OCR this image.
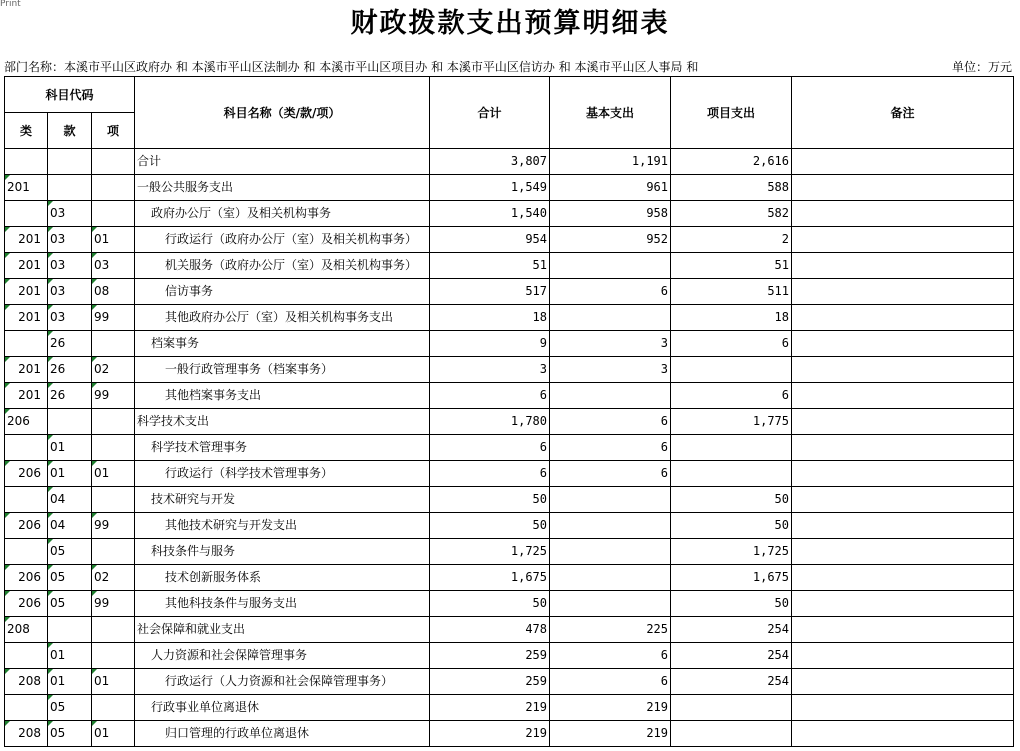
Print
财政拨款支出预算明细表
部门名称：本溪市平山区政府办 和 本溪市平山区法制办 和 本溪市平山区项目办 和 本溪市平山区信访办 和 本溪市平山区人事局 和	单位：万元
科目代码			科目名称（类/款/项）	合计	基本支出	项目支出	备注
类	款	项					
			合计	3,807	1,191	2,616	
201			一般公共服务支出	1,549	961	588	
	03		政府办公厅（室）及相关机构事务	1,540	958	582	
201	03	01	行政运行（政府办公厅（室）及相关机构事务）	954	952	2	
201	03	03	机关服务（政府办公厅（室）及相关机构事务）	51		51	
201	03	08	信访事务	517	6	511	
201	03	99	其他政府办公厅（室）及相关机构事务支出	18		18	
	26		档案事务	9	3	6	
201	26	02	一般行政管理事务（档案事务）	3	3		
201	26	99	其他档案事务支出	6		6	
206			科学技术支出	1,780	6	1,775	
	01		科学技术管理事务	6	6		
206	01	01	行政运行（科学技术管理事务）	6	6		
	04		技术研究与开发	50		50	
206	04	99	其他技术研究与开发支出	50		50	
	05		科技条件与服务	1,725		1,725	
206	05	02	技术创新服务体系	1,675		1,675	
206	05	99	其他科技条件与服务支出	50		50	
208			社会保障和就业支出	478	225	254	
	01		人力资源和社会保障管理事务	259	6	254	
208	01	01	行政运行（人力资源和社会保障管理事务）	259	6	254	
	05		行政事业单位离退休	219	219		
208	05	01	归口管理的行政单位离退休	219	219		
